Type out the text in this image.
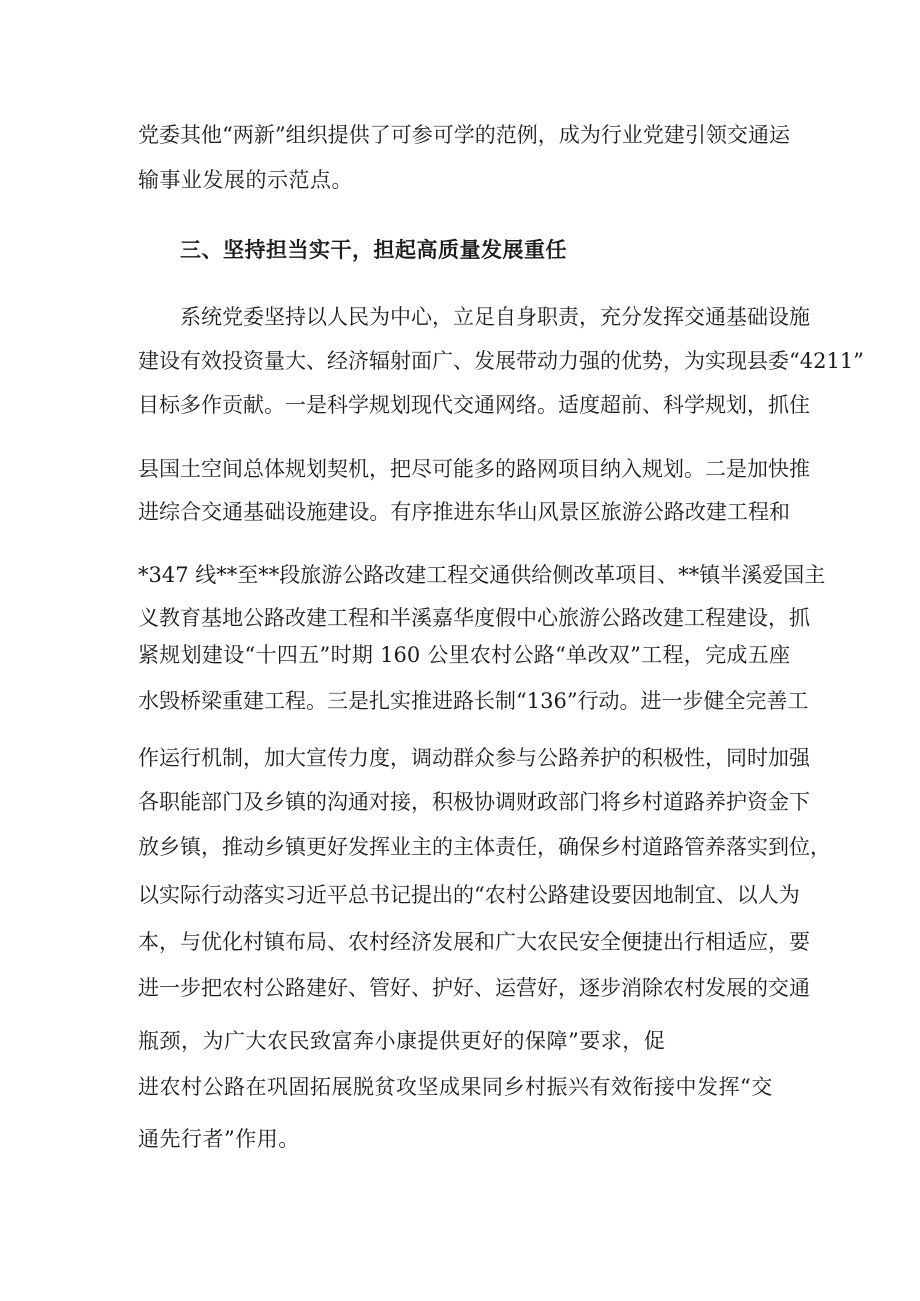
党委其他“两新”组织提供了可参可学的范例，成为行业党建引领交通运
输事业发展的示范点。
三、坚持担当实干，担起高质量发展重任
系统党委坚持以人民为中心，立足自身职责，充分发挥交通基础设施
建设有效投资量大、经济辐射面广、发展带动力强的优势，为实现县委“4211”
目标多作贡献。一是科学规划现代交通网络。适度超前、科学规划，抓住
县国土空间总体规划契机，把尽可能多的路网项目纳入规划。二是加快推
进综合交通基础设施建设。有序推进东华山风景区旅游公路改建工程和
*347 线**至**段旅游公路改建工程交通供给侧改革项目、**镇半溪爱国主
义教育基地公路改建工程和半溪嘉华度假中心旅游公路改建工程建设，抓
紧规划建设“十四五”时期 160 公里农村公路“单改双”工程，完成五座
水毁桥梁重建工程。三是扎实推进路长制“136”行动。进一步健全完善工
作运行机制，加大宣传力度，调动群众参与公路养护的积极性，同时加强
各职能部门及乡镇的沟通对接，积极协调财政部门将乡村道路养护资金下
放乡镇，推动乡镇更好发挥业主的主体责任，确保乡村道路管养落实到位，
以实际行动落实习近平总书记提出的“农村公路建设要因地制宜、以人为
本，与优化村镇布局、农村经济发展和广大农民安全便捷出行相适应，要
进一步把农村公路建好、管好、护好、运营好，逐步消除农村发展的交通
瓶颈，为广大农民致富奔小康提供更好的保障”要求，促
进农村公路在巩固拓展脱贫攻坚成果同乡村振兴有效衔接中发挥“交
通先行者”作用。
